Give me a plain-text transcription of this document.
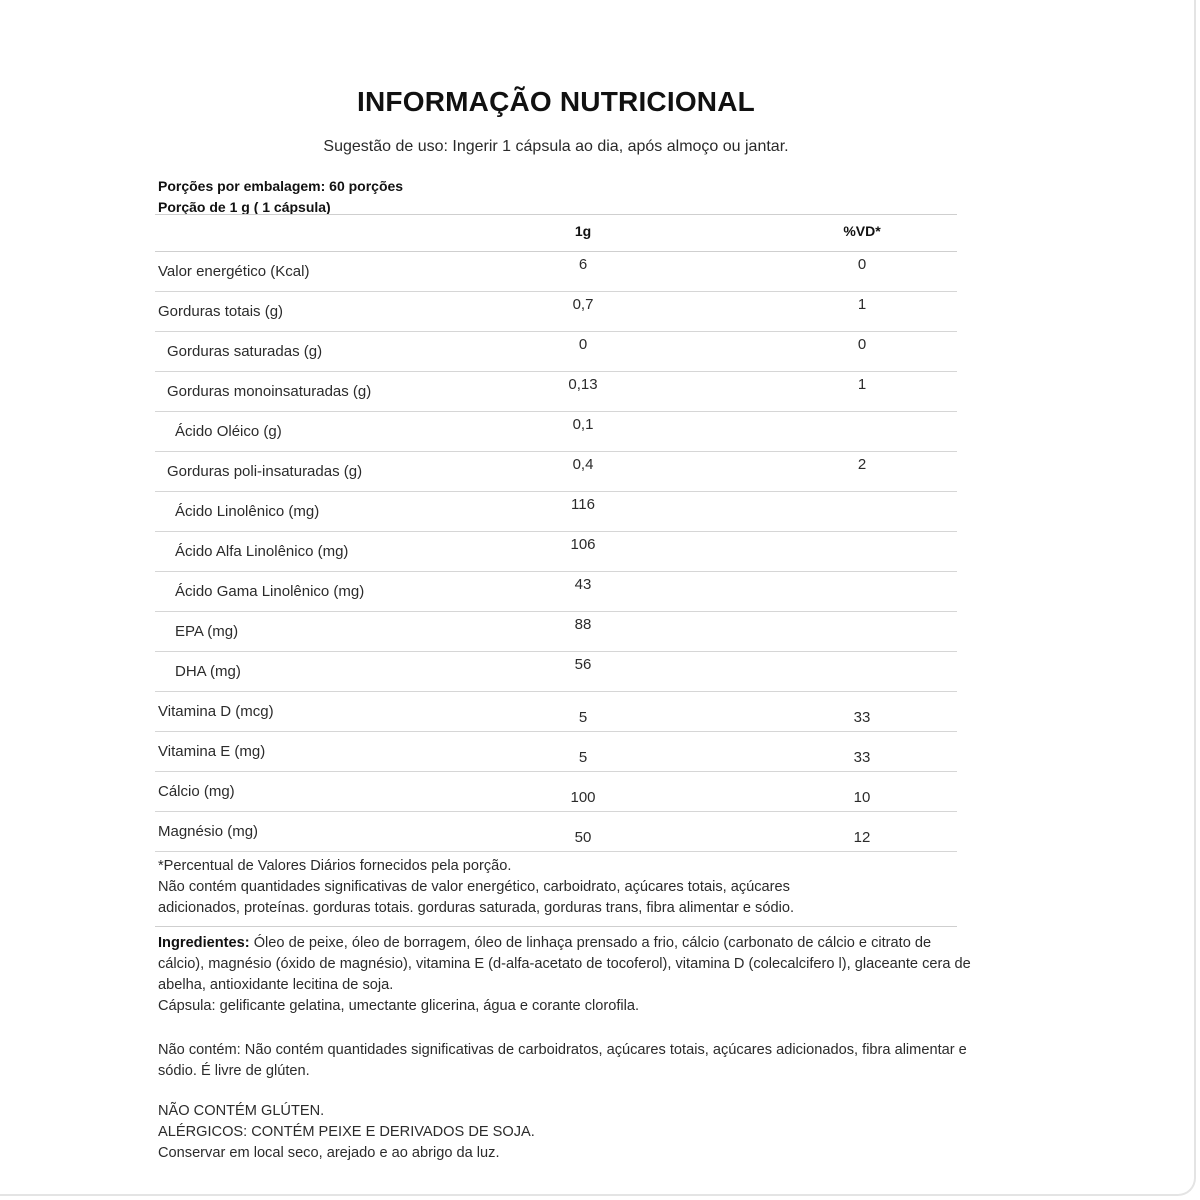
INFORMAÇÃO NUTRICIONAL
Sugestão de uso: Ingerir 1 cápsula ao dia, após almoço ou jantar.
Porções por embalagem: 60 porções
Porção de 1 g ( 1 cápsula)
1g	%VD*
Valor energético (Kcal)	6	0
Gorduras totais (g)	0,7	1
Gorduras saturadas (g)	0	0
Gorduras monoinsaturadas (g)	0,13	1
Ácido Oléico (g)	0,1
Gorduras poli-insaturadas (g)	0,4	2
Ácido Linolênico (mg)	116
Ácido Alfa Linolênico (mg)	106
Ácido Gama Linolênico (mg)	43
EPA (mg)	88
DHA (mg)	56
Vitamina D (mcg)	5	33
Vitamina E (mg)	5	33
Cálcio (mg)	100	10
Magnésio (mg)	50	12
*Percentual de Valores Diários fornecidos pela porção.
Não contém quantidades significativas de valor energético, carboidrato, açúcares totais, açúcares
adicionados, proteínas. gorduras totais. gorduras saturada, gorduras trans, fibra alimentar e sódio.
Ingredientes: Óleo de peixe, óleo de borragem, óleo de linhaça prensado a frio, cálcio (carbonato de cálcio e citrato de cálcio), magnésio (óxido de magnésio), vitamina E (d-alfa-acetato de tocoferol), vitamina D (colecalcifero l), glaceante cera de abelha, antioxidante lecitina de soja.
Cápsula: gelificante gelatina, umectante glicerina, água e corante clorofila.
Não contém: Não contém quantidades significativas de carboidratos, açúcares totais, açúcares adicionados, fibra alimentar e sódio. É livre de glúten.
NÃO CONTÉM GLÚTEN.
ALÉRGICOS: CONTÉM PEIXE E DERIVADOS DE SOJA.
Conservar em local seco, arejado e ao abrigo da luz.
